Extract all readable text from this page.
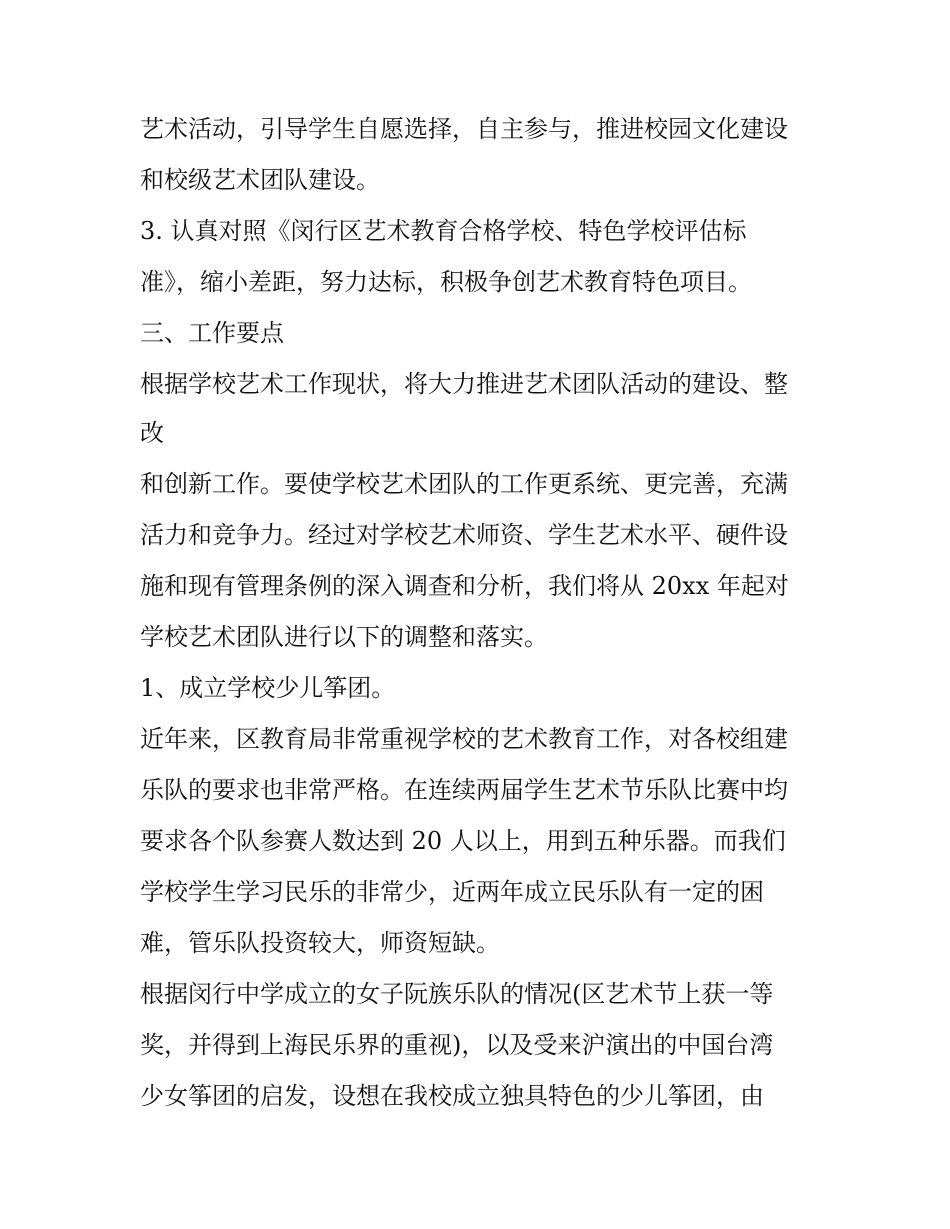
艺术活动，引导学生自愿选择，自主参与，推进校园文化建设
和校级艺术团队建设。
3. 认真对照《闵行区艺术教育合格学校、特色学校评估标
准》，缩小差距，努力达标，积极争创艺术教育特色项目。
三、工作要点
根据学校艺术工作现状，将大力推进艺术团队活动的建设、整
改
和创新工作。要使学校艺术团队的工作更系统、更完善，充满
活力和竞争力。经过对学校艺术师资、学生艺术水平、硬件设
施和现有管理条例的深入调查和分析，我们将从 20xx 年起对
学校艺术团队进行以下的调整和落实。
1、成立学校少儿筝团。
近年来，区教育局非常重视学校的艺术教育工作，对各校组建
乐队的要求也非常严格。在连续两届学生艺术节乐队比赛中均
要求各个队参赛人数达到 20 人以上，用到五种乐器。而我们
学校学生学习民乐的非常少，近两年成立民乐队有一定的困
难，管乐队投资较大，师资短缺。
根据闵行中学成立的女子阮族乐队的情况(区艺术节上获一等
奖，并得到上海民乐界的重视)，以及受来沪演出的中国台湾
少女筝团的启发，设想在我校成立独具特色的少儿筝团，由
